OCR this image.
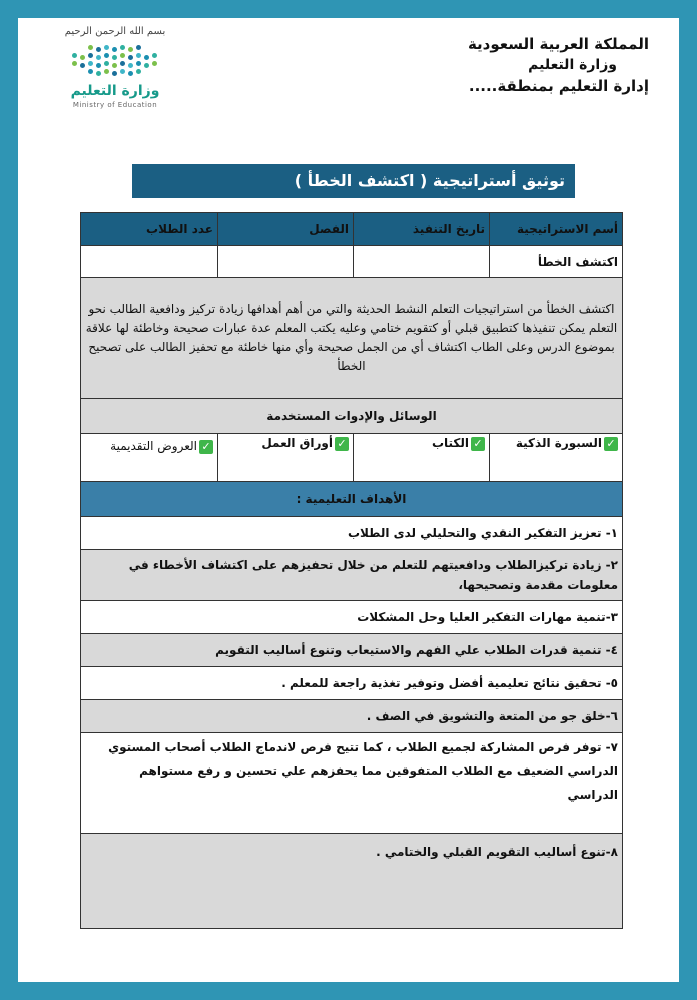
بسم الله الرحمن الرحيم
وزارة التعليم
Ministry of Education
المملكة العربية السعودية
وزارة التعليم
إدارة التعليم بمنطقة.....
توثيق أستراتيجية ( اكتشف الخطأ )
أسم الاستراتيجية	تاريخ التنفيذ	الفصل	عدد الطلاب
اكتشف الخطأ			
اكتشف الخطأ من استراتيجيات التعلم النشط الحديثة والتي من أهم أهدافها زيادة تركيز ودافعية الطالب نحو التعلم يمكن تنفيذها كتطبيق قبلي أو كتقويم ختامي وعليه يكتب المعلم عدة عبارات صحيحة وخاطئة لها علاقة بموضوع الدرس وعلى الطاب اكتشاف أي من الجمل صحيحة وأي منها خاطئة مع تحفيز الطالب على تصحيح الخطأ			
الوسائل والإدوات المستخدمة			
✓السبورة الذكية	✓الكتاب	✓أوراق العمل	✓العروض التقديمية
الأهداف التعليمية :			
١- تعزيز التفكير النقدي والتحليلي لدى الطلاب			
٢- زيادة تركيزالطلاب ودافعيتهم للتعلم من خلال تحفيزهم على اكتشاف الأخطاء في معلومات مقدمة وتصحيحها،			
٣-تنمية مهارات التفكير العليا وحل المشكلات			
٤- تنمية قدرات الطلاب علي الفهم والاستيعاب وتنوع أساليب التقويم			
٥- تحقيق نتائج تعليمية أفضل وتوفير تغذية راجعة للمعلم .			
٦-خلق جو من المتعة والتشويق في الصف .			
٧- توفر فرص المشاركة لجميع الطلاب ، كما تتيح فرص لاندماج الطلاب أصحاب المستوي الدراسي الضعيف مع الطلاب المتفوقين مما يحفزهم علي تحسين و رفع مستواهم الدراسي			
٨-تنوع أساليب التقويم القبلي والختامي .			
